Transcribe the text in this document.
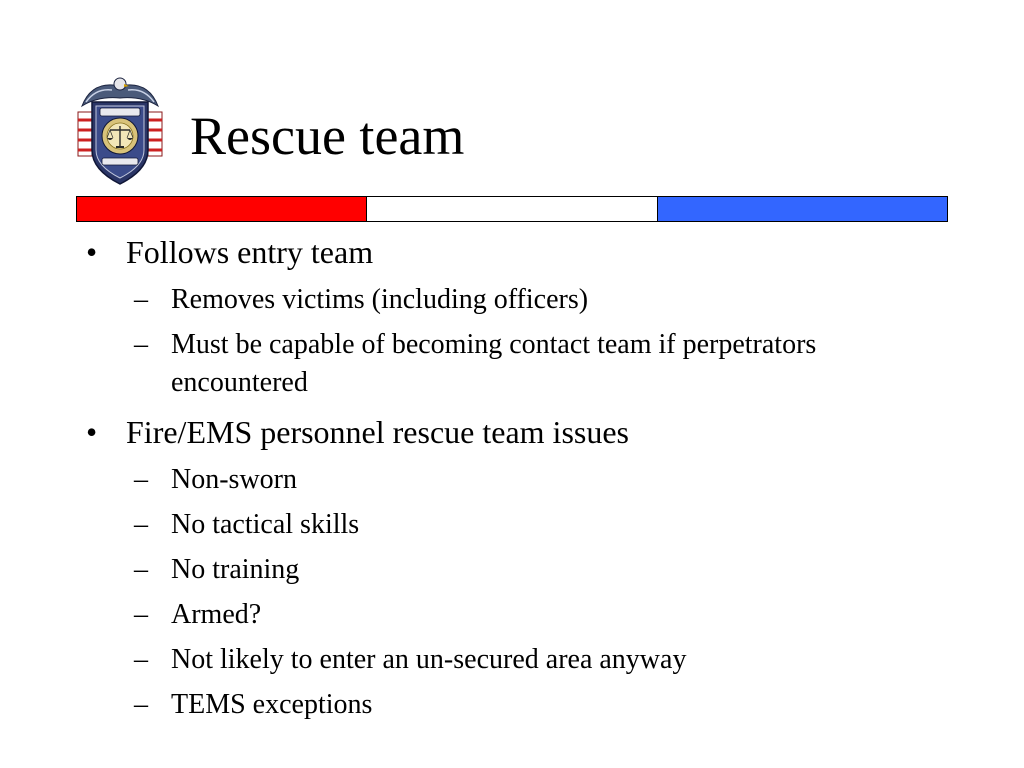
Rescue team
• Follows entry team
– Removes victims (including officers)
– Must be capable of becoming contact team if perpetrators encountered
• Fire/EMS personnel rescue team issues
– Non-sworn
– No tactical skills
– No training
– Armed?
– Not likely to enter an un-secured area anyway
– TEMS exceptions
